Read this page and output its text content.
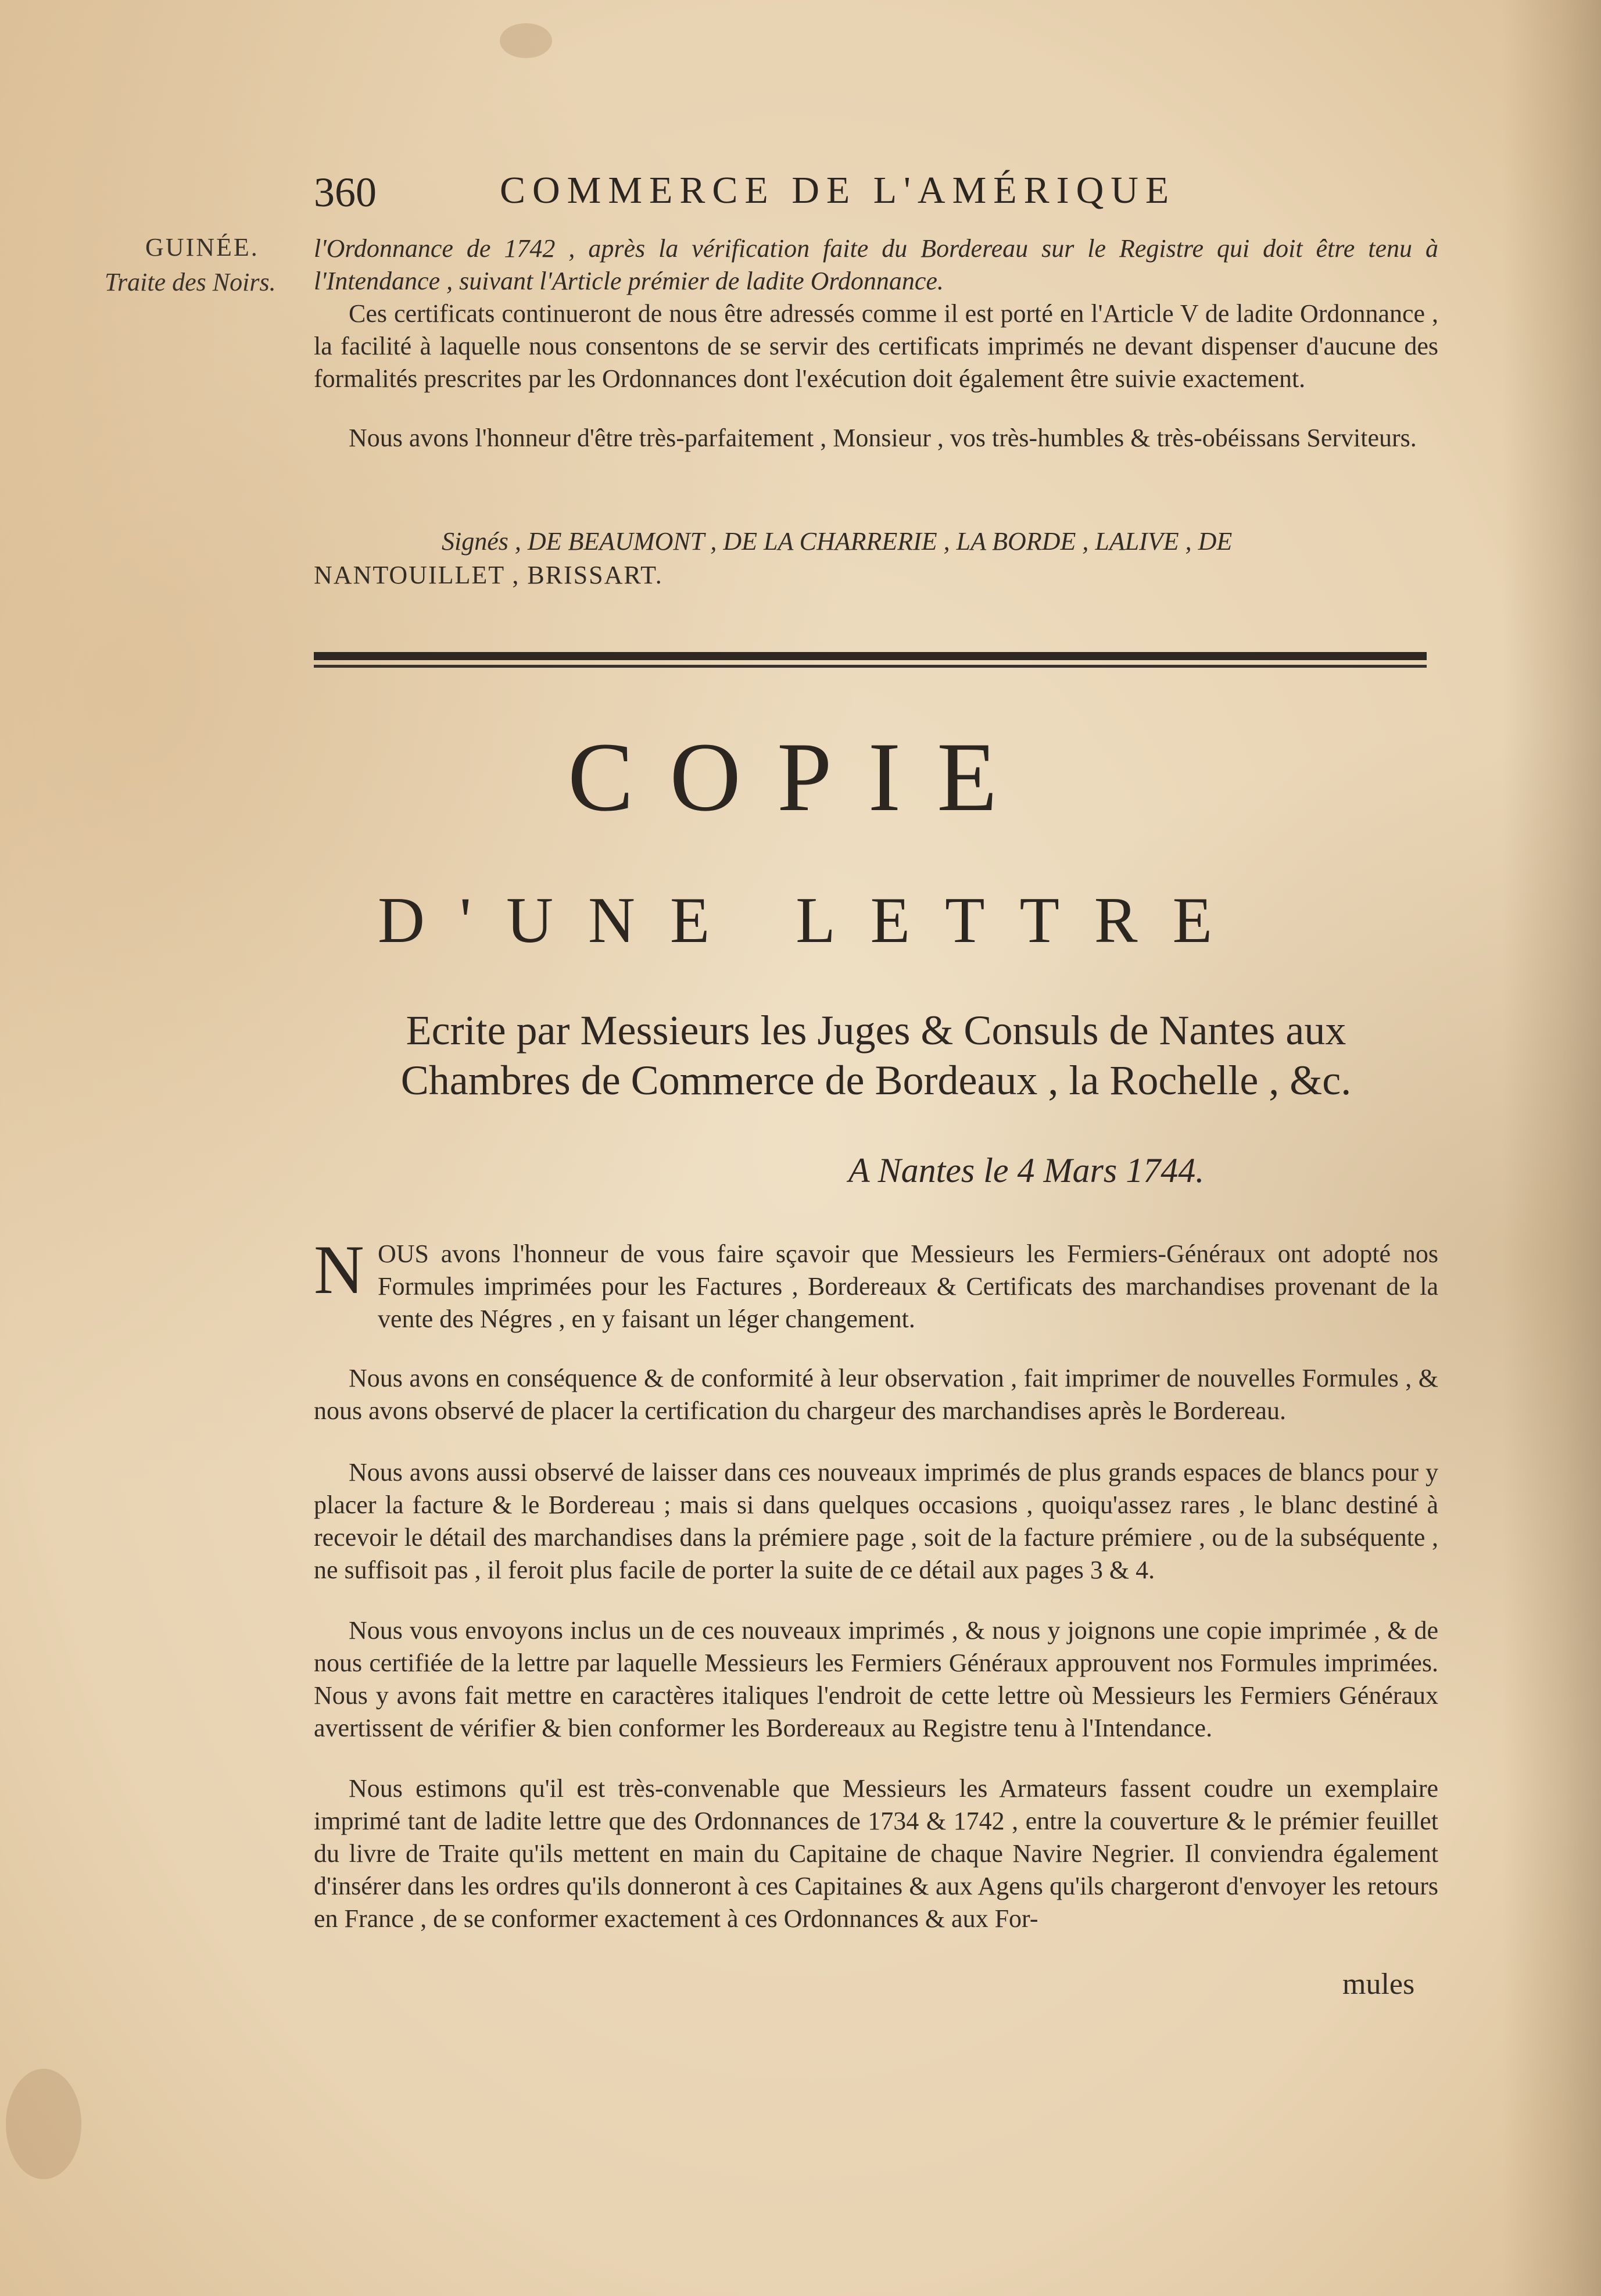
360	COMMERCE DE L'AMÉRIQUE
GUINÉE.
Traite des Noirs.
l'Ordonnance de 1742 , après la vérification faite du Bordereau sur le Registre qui doit être tenu à l'Intendance , suivant l'Article prémier de ladite Ordonnance.
Ces certificats continueront de nous être adressés comme il est porté en l'Article V de ladite Ordonnance , la facilité à laquelle nous consentons de se servir des certificats imprimés ne devant dispenser d'aucune des formalités prescrites par les Ordonnances dont l'exécution doit également être suivie exactement.
Nous avons l'honneur d'être très-parfaitement , Monsieur , vos très-humbles & très-obéissans Serviteurs.
Signés , DE BEAUMONT , DE LA CHARRERIE , LA BORDE , LALIVE , DE
NANTOUILLET , BRISSART.
COPIE
D'UNE LETTRE
Ecrite par Messieurs les Juges & Consuls de Nantes aux
Chambres de Commerce de Bordeaux , la Rochelle , &c.
A Nantes le 4 Mars 1744.
N OUS avons l'honneur de vous faire sçavoir que Messieurs les Fermiers-Généraux ont adopté nos Formules imprimées pour les Factures , Bordereaux & Certificats des marchandises provenant de la vente des Négres , en y faisant un léger changement.
Nous avons en conséquence & de conformité à leur observation , fait imprimer de nouvelles Formules , & nous avons observé de placer la certification du chargeur des marchandises après le Bordereau.
Nous avons aussi observé de laisser dans ces nouveaux imprimés de plus grands espaces de blancs pour y placer la facture & le Bordereau ; mais si dans quelques occasions , quoiqu'assez rares , le blanc destiné à recevoir le détail des marchandises dans la prémiere page , soit de la facture prémiere , ou de la subséquente , ne suffisoit pas , il feroit plus facile de porter la suite de ce détail aux pages 3 & 4.
Nous vous envoyons inclus un de ces nouveaux imprimés , & nous y joignons une copie imprimée , & de nous certifiée de la lettre par laquelle Messieurs les Fermiers Généraux approuvent nos Formules imprimées. Nous y avons fait mettre en caractères italiques l'endroit de cette lettre où Messieurs les Fermiers Généraux avertissent de vérifier & bien conformer les Bordereaux au Registre tenu à l'Intendance.
Nous estimons qu'il est très-convenable que Messieurs les Armateurs fassent coudre un exemplaire imprimé tant de ladite lettre que des Ordonnances de 1734 & 1742 , entre la couverture & le prémier feuillet du livre de Traite qu'ils mettent en main du Capitaine de chaque Navire Negrier. Il conviendra également d'insérer dans les ordres qu'ils donneront à ces Capitaines & aux Agens qu'ils chargeront d'envoyer les retours en France , de se conformer exactement à ces Ordonnances & aux For-
mules
